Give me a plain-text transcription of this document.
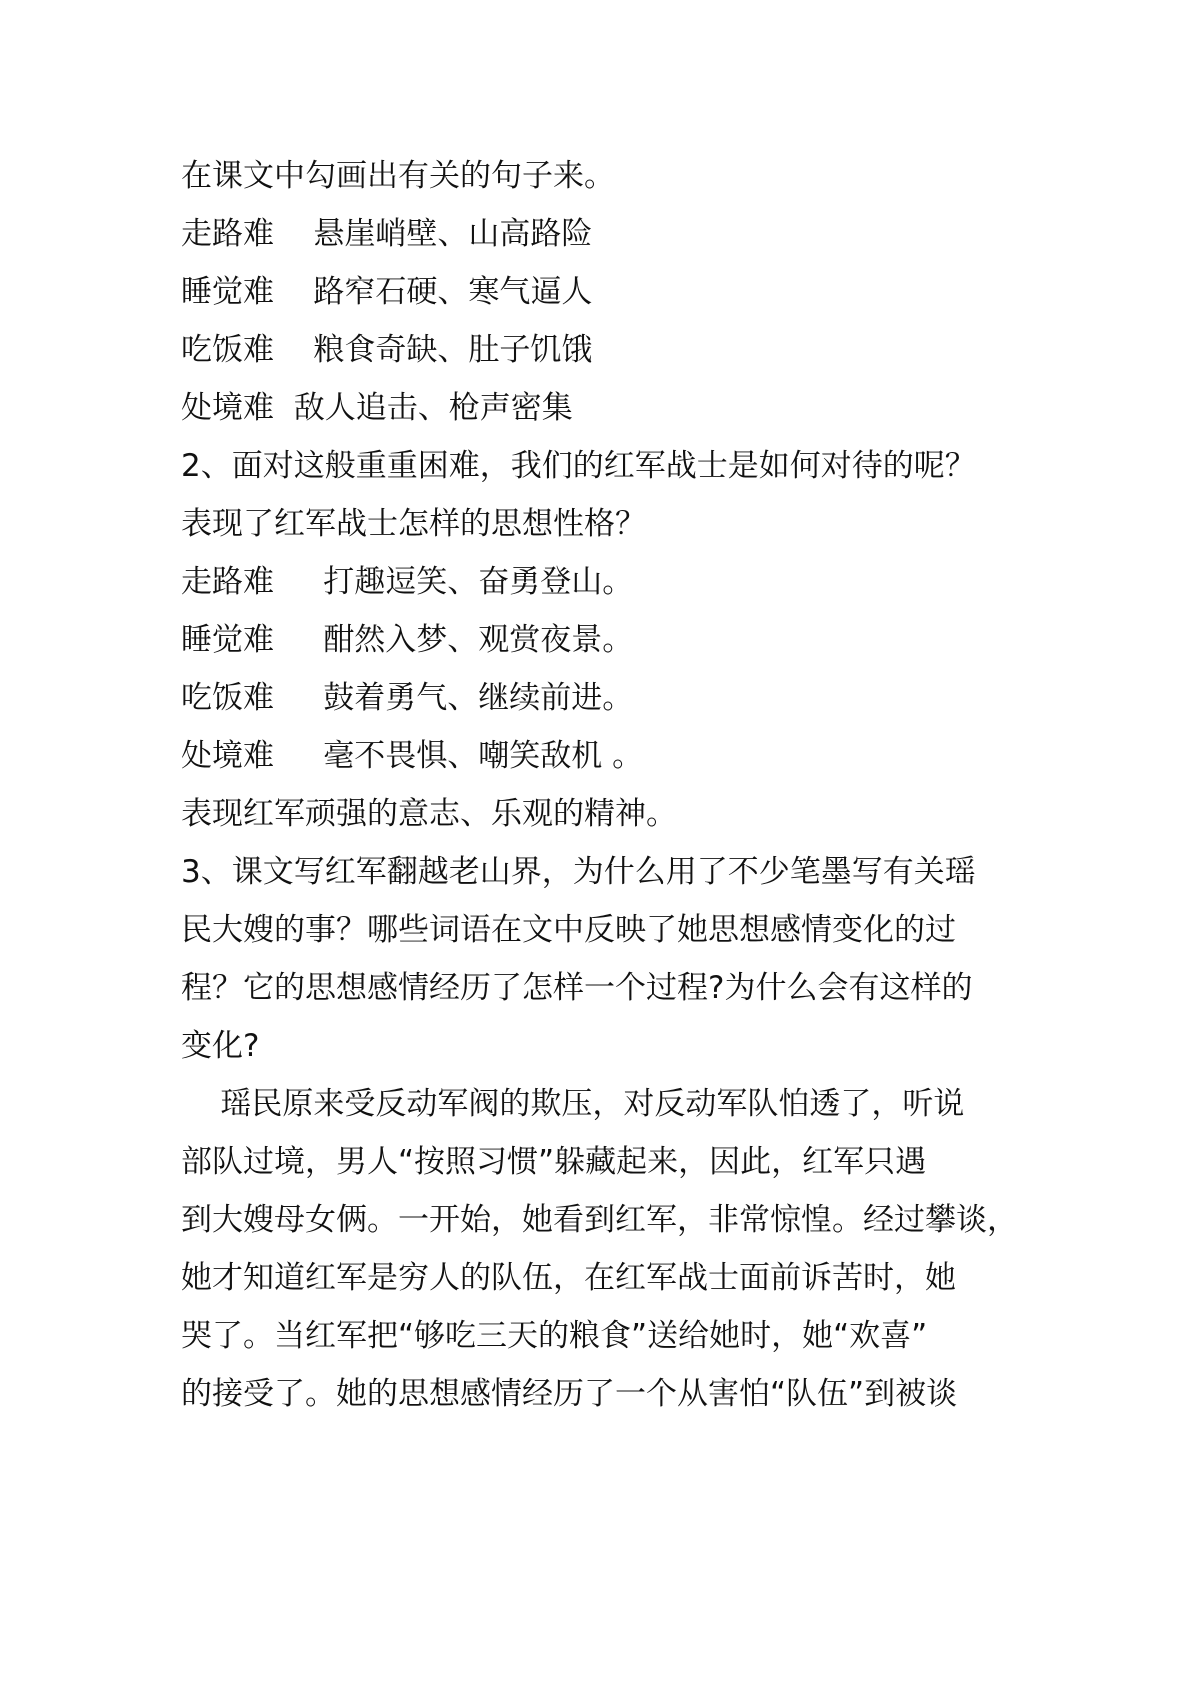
在课文中勾画出有关的句子来。
走路难    悬崖峭壁、山高路险
睡觉难    路窄石硬、寒气逼人
吃饭难    粮食奇缺、肚子饥饿
处境难  敌人追击、枪声密集
2、面对这般重重困难，我们的红军战士是如何对待的呢？
表现了红军战士怎样的思想性格？
走路难     打趣逗笑、奋勇登山。
睡觉难     酣然入梦、观赏夜景。
吃饭难     鼓着勇气、继续前进。
处境难     毫不畏惧、嘲笑敌机 。
表现红军顽强的意志、乐观的精神。
3、课文写红军翻越老山界，为什么用了不少笔墨写有关瑶
民大嫂的事？哪些词语在文中反映了她思想感情变化的过
程？它的思想感情经历了怎样一个过程?为什么会有这样的
变化?
瑶民原来受反动军阀的欺压，对反动军队怕透了，听说
部队过境，男人“按照习惯”躲藏起来，因此，红军只遇
到大嫂母女俩。一开始，她看到红军，非常惊惶。经过攀谈，
她才知道红军是穷人的队伍，在红军战士面前诉苦时，她
哭了。当红军把“够吃三天的粮食”送给她时，她“欢喜”
的接受了。她的思想感情经历了一个从害怕“队伍”到被谈
